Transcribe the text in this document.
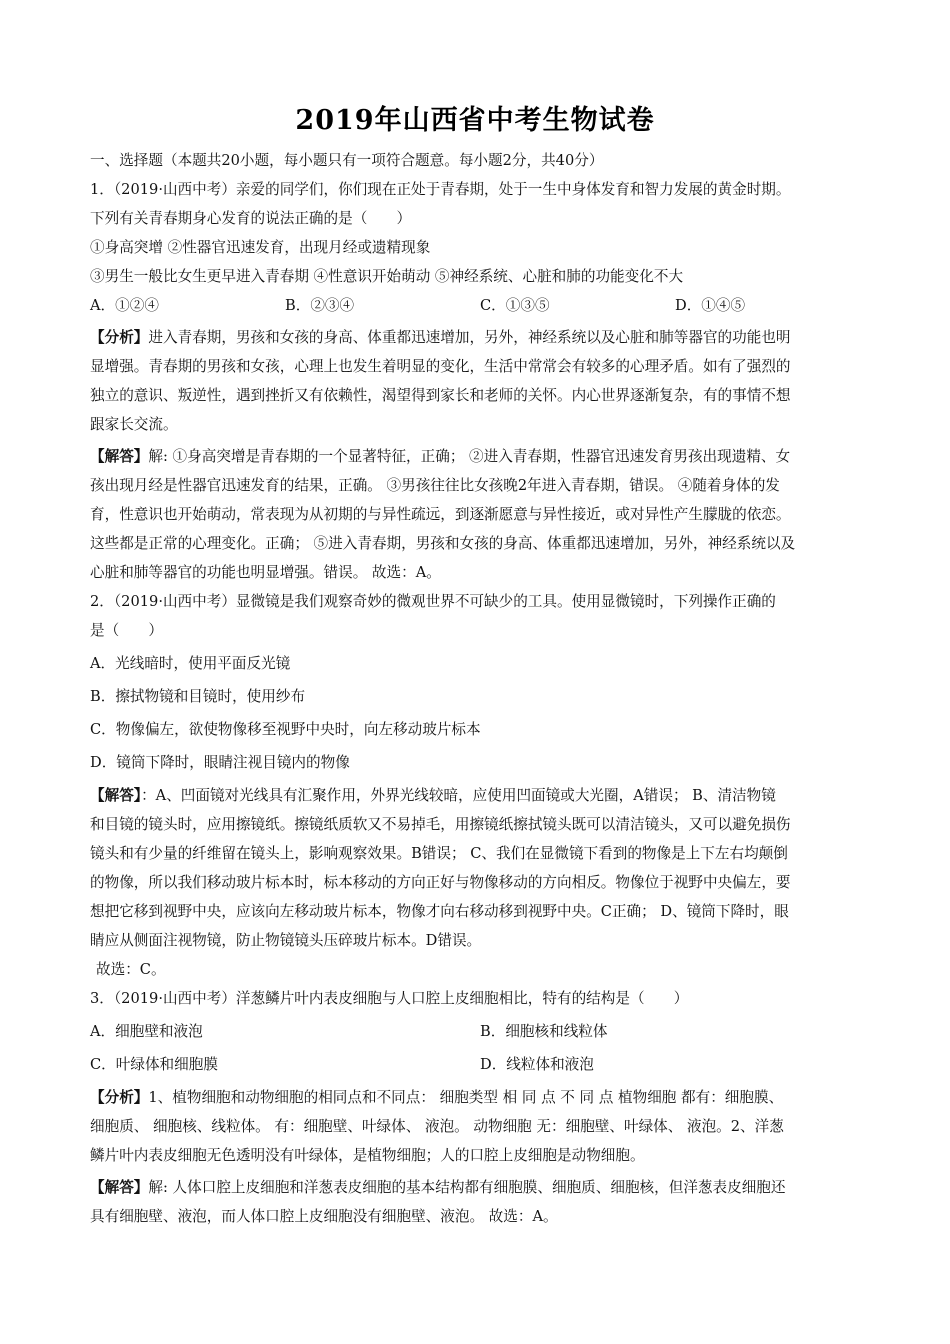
2019年山西省中考生物试卷

一、选择题（本题共20小题，每小题只有一项符合题意。每小题2分，共40分）

1．（2019·山西中考）亲爱的同学们，你们现在正处于青春期，处于一生中身体发育和智力发展的黄金时期。

下列有关青春期身心发育的说法正确的是（　　）

①身高突增 ②性器官迅速发育，出现月经或遗精现象

③男生一般比女生更早进入青春期 ④性意识开始萌动 ⑤神经系统、心脏和肺的功能变化不大

A．①②④	B．②③④	C．①③⑤	D．①④⑤

【分析】进入青春期，男孩和女孩的身高、体重都迅速增加，另外，神经系统以及心脏和肺等器官的功能也明

显增强。青春期的男孩和女孩，心理上也发生着明显的变化，生活中常常会有较多的心理矛盾。如有了强烈的

独立的意识、叛逆性，遇到挫折又有依赖性，渴望得到家长和老师的关怀。内心世界逐渐复杂，有的事情不想

跟家长交流。

【解答】解: ①身高突增是青春期的一个显著特征，正确； ②进入青春期，性器官迅速发育男孩出现遗精、女

孩出现月经是性器官迅速发育的结果，正确。 ③男孩往往比女孩晚2年进入青春期，错误。 ④随着身体的发

育，性意识也开始萌动，常表现为从初期的与异性疏远，到逐渐愿意与异性接近，或对异性产生朦胧的依恋。

这些都是正常的心理变化。正确； ⑤进入青春期，男孩和女孩的身高、体重都迅速增加，另外，神经系统以及

心脏和肺等器官的功能也明显增强。错误。 故选：A。

2．（2019·山西中考）显微镜是我们观察奇妙的微观世界不可缺少的工具。使用显微镜时，下列操作正确的

是（　　）

A．光线暗时，使用平面反光镜

B．擦拭物镜和目镜时，使用纱布

C．物像偏左，欲使物像移至视野中央时，向左移动玻片标本

D．镜筒下降时，眼睛注视目镜内的物像

【解答】：A、凹面镜对光线具有汇聚作用，外界光线较暗，应使用凹面镜或大光圈，A错误； B、清洁物镜

和目镜的镜头时，应用擦镜纸。擦镜纸质软又不易掉毛，用擦镜纸擦拭镜头既可以清洁镜头，又可以避免损伤

镜头和有少量的纤维留在镜头上，影响观察效果。B错误； C、我们在显微镜下看到的物像是上下左右均颠倒

的物像，所以我们移动玻片标本时，标本移动的方向正好与物像移动的方向相反。物像位于视野中央偏左，要

想把它移到视野中央，应该向左移动玻片标本，物像才向右移动移到视野中央。C正确； D、镜筒下降时，眼

睛应从侧面注视物镜，防止物镜镜头压碎玻片标本。D错误。

故选：C。

3．（2019·山西中考）洋葱鳞片叶内表皮细胞与人口腔上皮细胞相比，特有的结构是（　　）

A．细胞壁和液泡	B．细胞核和线粒体
C．叶绿体和细胞膜	D．线粒体和液泡

【分析】1、植物细胞和动物细胞的相同点和不同点： 细胞类型 相 同 点 不 同 点 植物细胞 都有：细胞膜、

细胞质、 细胞核、线粒体。 有：细胞壁、叶绿体、 液泡。 动物细胞 无：细胞壁、叶绿体、 液泡。2、洋葱

鳞片叶内表皮细胞无色透明没有叶绿体，是植物细胞；人的口腔上皮细胞是动物细胞。

【解答】解: 人体口腔上皮细胞和洋葱表皮细胞的基本结构都有细胞膜、细胞质、细胞核，但洋葱表皮细胞还

具有细胞壁、液泡，而人体口腔上皮细胞没有细胞壁、液泡。 故选：A。
